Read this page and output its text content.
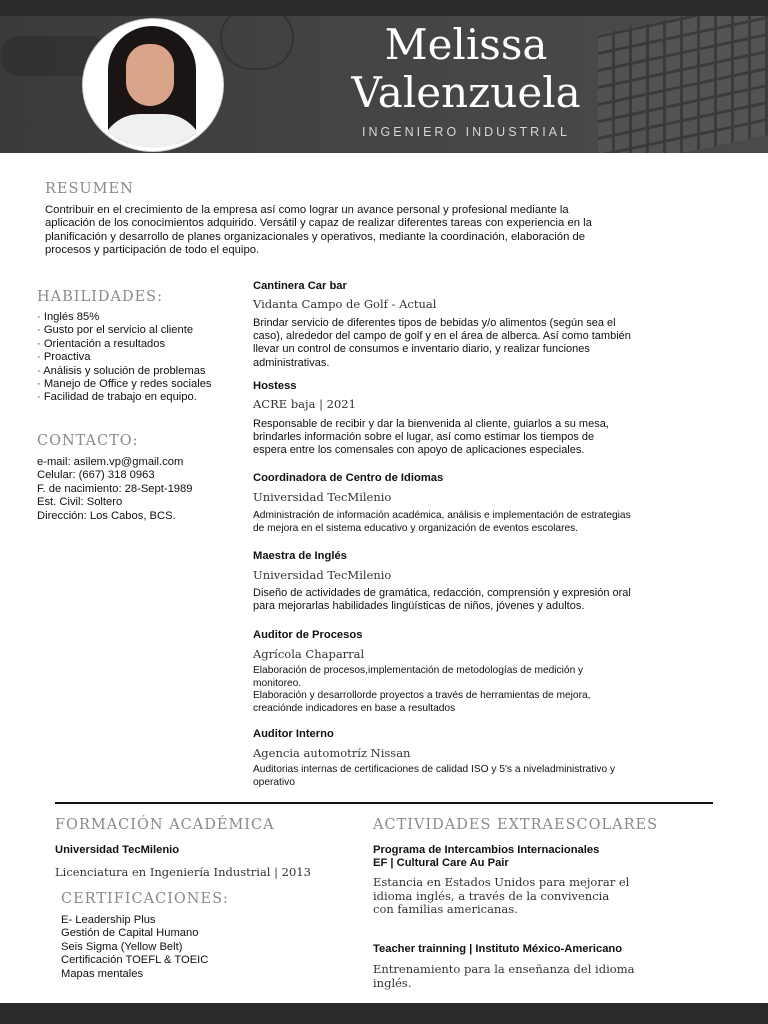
Melissa
Valenzuela
INGENIERO INDUSTRIAL
RESUMEN
Contribuir en el crecimiento de la empresa así como lograr un avance personal y profesional mediante la
aplicación de los conocimientos adquirido. Versátil y capaz de realizar diferentes tareas con experiencia en la
planificación y desarrollo de planes organizacionales y operativos, mediante la coordinación, elaboración de
procesos y participación de todo el equipo.
HABILIDADES:
· Inglés 85%
· Gusto por el servicio al cliente
· Orientación a resultados
· Proactiva
· Análisis y solución de problemas
· Manejo de Office y redes sociales
· Facilidad de trabajo en equipo.
CONTACTO:
e-mail: asilem.vp@gmail.com
Celular: (667) 318 0963
F. de nacimiento: 28-Sept-1989
Est. Civil: Soltero
Dirección: Los Cabos, BCS.
Cantinera Car bar
Vidanta Campo de Golf - Actual
Brindar servicio de diferentes tipos de bebidas y/o alimentos (según sea el
caso), alrededor del campo de golf y en el área de alberca. Así como también
llevar un control de consumos e inventario diario, y realizar funciones
administrativas.
Hostess
ACRE baja | 2021
Responsable de recibir y dar la bienvenida al cliente, guiarlos a su mesa,
brindarles información sobre el lugar, así como estimar los tiempos de
espera entre los comensales con apoyo de aplicaciones especiales.
Coordinadora de Centro de Idiomas
Universidad TecMilenio
Administración de información académica, análisis e implementación de estrategias
de mejora en el sistema educativo y organización de eventos escolares.
Maestra de Inglés
Universidad TecMilenio
Diseño de actividades de gramática, redacción, comprensión y expresión oral
para mejorarlas habilidades lingüísticas de niños, jóvenes y adultos.
Auditor de Procesos
Agrícola Chaparral
Elaboración de procesos,implementación de metodologías de medición y
monitoreo.
Elaboración y desarrollorde proyectos a través de herramientas de mejora,
creaciónde indicadores en base a resultados
Auditor Interno
Agencia automotríz Nissan
Auditorias internas de certificaciones de calidad ISO y 5's a niveladministrativo y
operativo
FORMACIÓN ACADÉMICA
Universidad TecMilenio
Licenciatura en Ingeniería Industrial | 2013
CERTIFICACIONES:
E- Leadership Plus
Gestión de Capital Humano
Seis Sigma (Yellow Belt)
Certificación TOEFL & TOEIC
Mapas mentales
ACTIVIDADES EXTRAESCOLARES
Programa de Intercambios Internacionales
EF | Cultural Care Au Pair
Estancia en Estados Unidos para mejorar el
idioma inglés, a través de la convivencia
con familias americanas.
Teacher trainning | Instituto México-Americano
Entrenamiento para la enseñanza del idioma
inglés.
